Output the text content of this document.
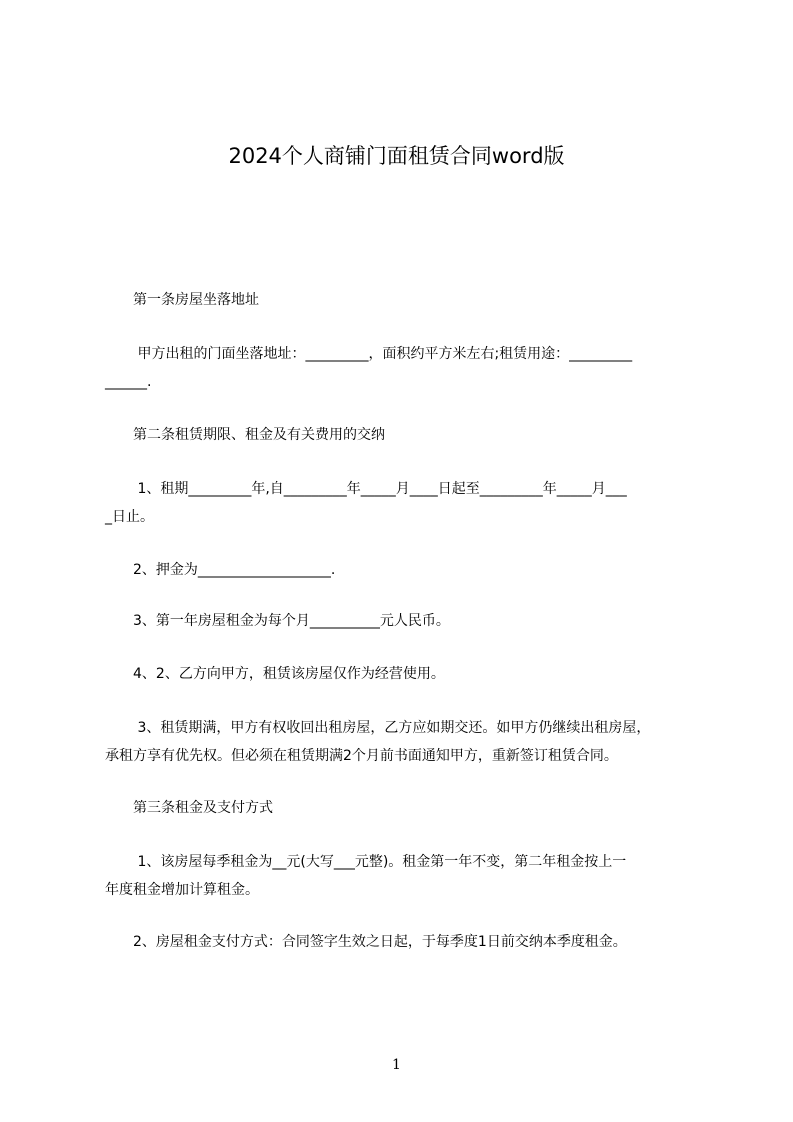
2024个人商铺门面租赁合同word版

　　第一条房屋坐落地址

　　 甲方出租的门面坐落地址：_________，面积约平方米左右;租赁用途：_________
______.

　　第二条租赁期限、租金及有关费用的交纳

　　 1、租期_________年,自_________年_____月____日起至_________年_____月___
_日止。

　　2、押金为___________________.

　　3、第一年房屋租金为每个月__________元人民币。

　　4、2、乙方向甲方，租赁该房屋仅作为经营使用。

　　 3、租赁期满，甲方有权收回出租房屋，乙方应如期交还。如甲方仍继续出租房屋，
承租方享有优先权。但必须在租赁期满2个月前书面通知甲方，重新签订租赁合同。

　　第三条租金及支付方式

　　 1、该房屋每季租金为__元(大写___元整)。租金第一年不变，第二年租金按上一
年度租金增加计算租金。

　　2、房屋租金支付方式：合同签字生效之日起，于每季度1日前交纳本季度租金。

1
